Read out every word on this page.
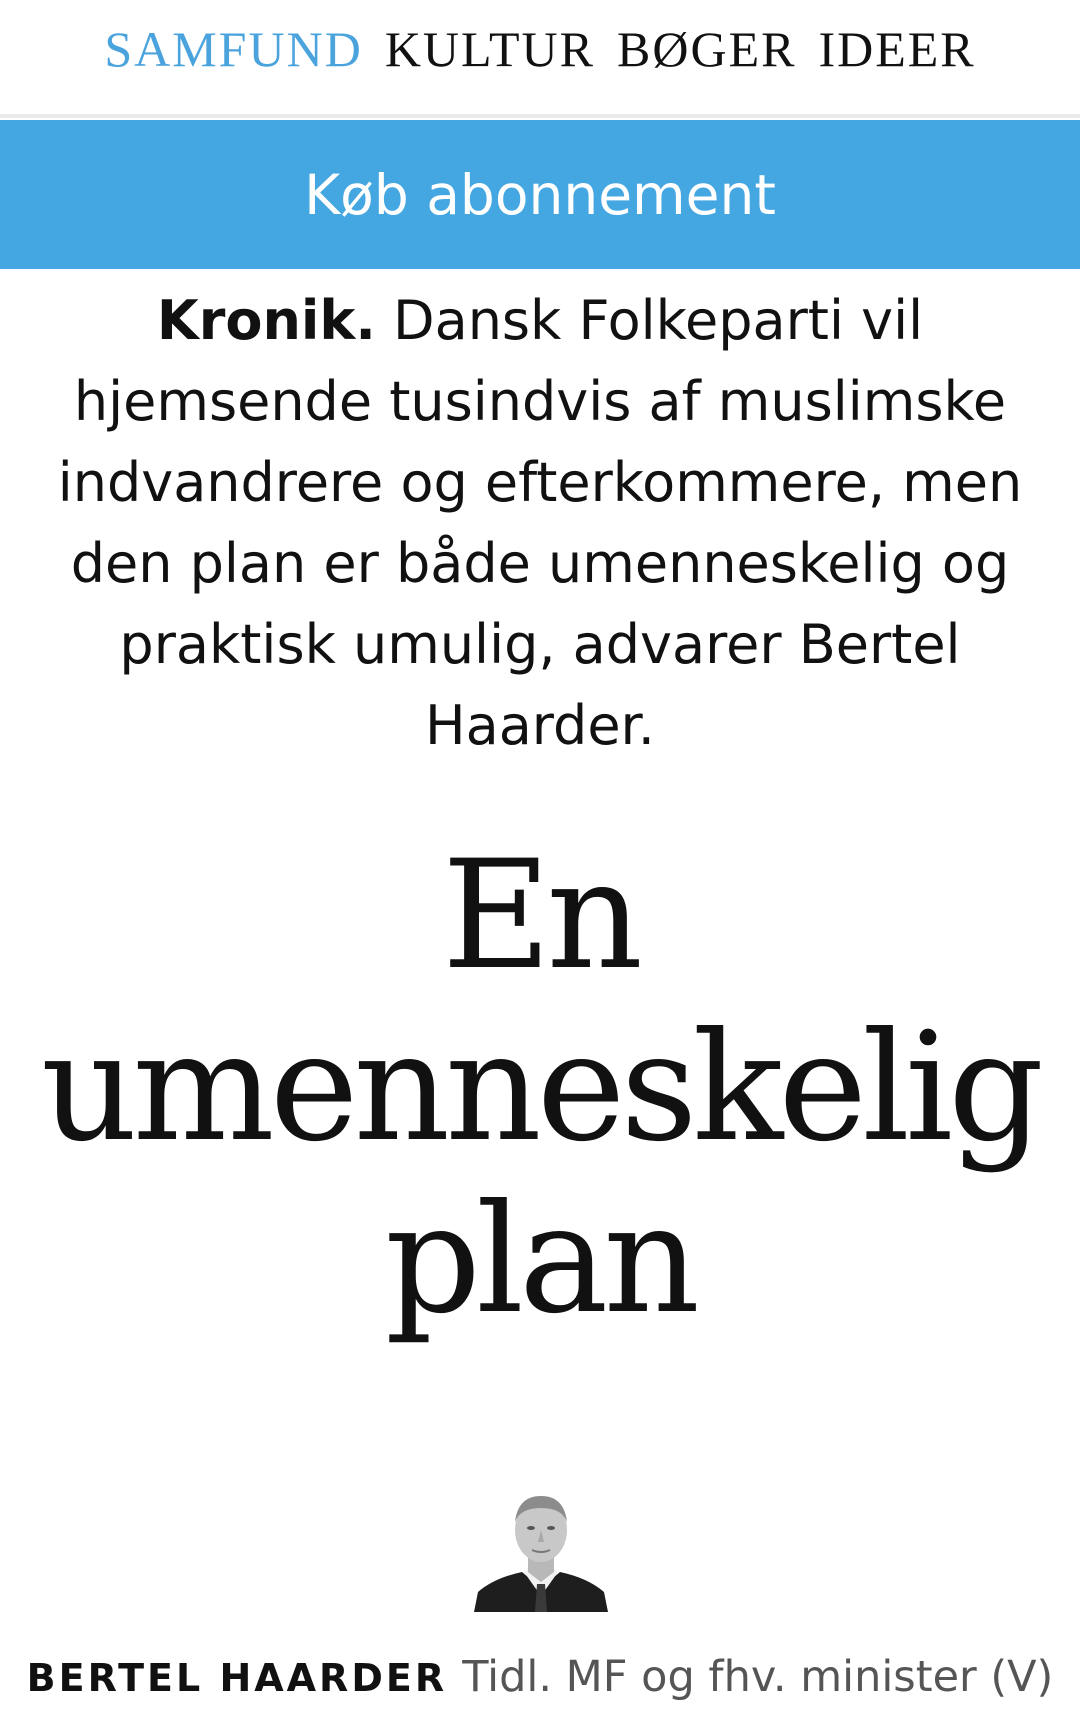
SAMFUND KULTUR BØGER IDEER
Køb abonnement

Kronik. Dansk Folkeparti vil hjemsende tusindvis af muslimske indvandrere og efterkommere, men den plan er både umenneskelig og praktisk umulig, advarer Bertel Haarder.

En umenneskelig plan
BERTEL HAARDER Tidl. MF og fhv. minister (V)
